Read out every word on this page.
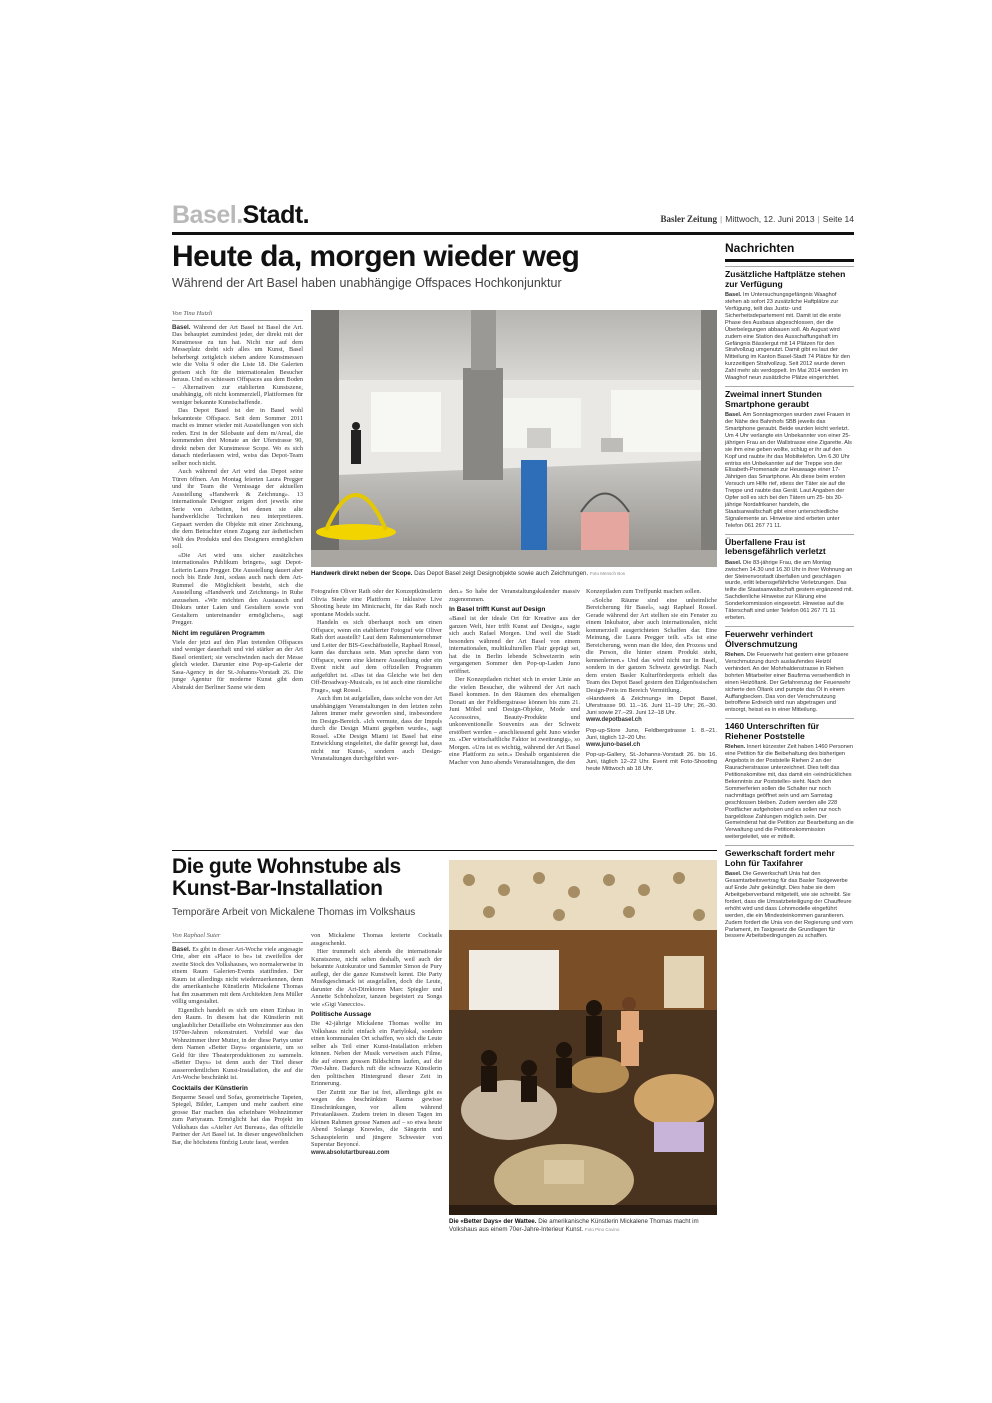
Basel.Stadt.	Basler Zeitung | Mittwoch, 12. Juni 2013 | Seite 14
Heute da, morgen wieder weg
Während der Art Basel haben unabhängige Offspaces Hochkonjunktur
Von Tina Hutzli

Basel. Während der Art Basel ist Basel die Art. Das behauptet zumindest jeder, der direkt mit der Kunstmesse zu tun hat. Nicht nur auf dem Messeplatz dreht sich alles um Kunst, Basel beherbergt zeitgleich sieben andere Kunstmessen wie die Volta 9 oder die Liste 18. Die Galerien greisen sich für die internationalen Besucher heraus. Und es schiessen Offspaces aus dem Boden – Alternativen zur etablierten Kunstszene, unabhängig, oft nicht kommerziell, Plattformen für weniger bekannte Kunstschaffende.

Das Depot Basel ist der in Basel wohl bekannteste Offspace. Seit dem Sommer 2011 macht es immer wieder mit Ausstellungen von sich reden. Erst in der Silobaute auf dem m/Areal, die kommenden drei Monate an der Uferstrasse 90, direkt neben der Kunstmesse Scope. Wo es sich danach niederlassen wird, weiss das Depot-Team selber noch nicht.

Auch während der Art wird das Depot seine Türen öffnen. Am Montag feierten Laura Pregger und ihr Team die Vernissage der aktuellen Ausstellung «Handwerk & Zeichnung». 13 internationale Designer zeigen dort jeweils eine Serie von Arbeiten, bei denen sie alte handwerkliche Techniken neu interpretieren. Gepaart werden die Objekte mit einer Zeichnung, die dem Betrachter einen Zugang zur ästhetischen Welt des Produkts und des Designers ermöglichen soll.

«Die Art wird uns sicher zusätzliches internationales Publikum bringen», sagt Depot-Leiterin Laura Pregger. Die Ausstellung dauert aber noch bis Ende Juni, sodass auch nach dem Art-Rummel die Möglichkeit besteht, sich die Ausstellung «Handwerk und Zeichnung» in Ruhe anzusehen. «Wir möchten den Austausch und Diskurs unter Laien und Gestaltern sowie von Gestaltern untereinander ermöglichen», sagt Pregger.

Nicht im regulären Programm

Viele der jetzt auf den Plan tretenden Offspaces sind weniger dauerhaft und viel stärker an der Art Basel orientiert; sie verschwinden nach der Messe gleich wieder. Darunter eine Pop-up-Galerie der Sasa-Agency in der St.-Johanns-Vorstadt 26. Die junge Agentur für moderne Kunst gibt dem Abstrakt der Berliner Szene wie dem

Handwerk direkt neben der Scope. Das Depot Basel zeigt Designobjekte sowie auch Zeichnungen. Foto Mensch Bos

Fotografen Oliver Rath oder der Konzeptkünstlerin Olivia Steele eine Plattform – inklusive Live Shooting heute im Minicnacht, für das Rath noch spontane Models sucht.

Handeln es sich überhaupt noch um einen Offspace, wenn ein etablierter Fotograf wie Oliver Rath dort ausstellt? Laut dem Rahmenunternehmer und Leiter der BIS-Geschäftsstelle, Raphael Rossel, kann das durchaus sein. Man spreche dann von Offspace, wenn eine kleinere Ausstellung oder ein Event nicht auf dem offiziellen Programm aufgeführt ist. «Das ist das Gleiche wie bei den Off-Broadway-Musicals, es ist auch eine räumliche Frage», sagt Rossel.

Auch ihm ist aufgefallen, dass solche von der Art unabhängigen Veranstaltungen in den letzten zehn Jahren immer mehr geworden sind, insbesondere im Design-Bereich. «Ich vermute, dass der Impuls durch die Design Miami gegeben wurde», sagt Rossel. «Die Design Miami ist Basel hat eine Entwicklung eingeleitet, die dafür gesorgt hat, dass nicht nur Kunst-, sondern auch Design-Veranstaltungen durchgeführt wer-

den.» So habe der Veranstaltungskalender massiv zugenommen.

In Basel trifft Kunst auf Design

«Basel ist der ideale Ort für Kreative aus der ganzen Welt, hier trifft Kunst auf Design», sagte sich auch Rafael Morgen. Und weil die Stadt besonders während der Art Basel von einem internationalen, multikulturellen Flair geprägt sei, hat die in Berlin lebende Schweizerin sein vergangenen Sommer den Pop-up-Laden Juno eröffnet.

Der Konzeptladen richtet sich in erster Linie an die vielen Besucher, die während der Art nach Basel kommen. In den Räumen des ehemaligen Donati an der Feldbergstrasse können bis zum 21. Juni Möbel und Design-Objekte, Mode und Accessoires, Beauty-Produkte und unkonventionelle Souvenirs aus der Schweiz erstöbert werden – anschliessend geht Juno wieder zu. «Der wirtschaftliche Faktor ist zweitrangig», so Morgen. «Uns ist es wichtig, während der Art Basel eine Plattform zu sein.» Deshalb organisieren die Macher von Juno abends Veranstaltungen, die den

Konzeptladen zum Treffpunkt machen sollen.

«Solche Räume sind eine unheimliche Bereicherung für Basel», sagt Raphael Rossel. Gerade während der Art stellten sie ein Fenster zu einem Inkubator, aber auch internationalen, nicht kommerziell ausgerichteten Schaffen dar. Eine Meinung, die Laura Pregger teilt. «Es ist eine Bereicherung, wenn man die Idee, den Prozess und die Person, die hinter einem Produkt steht, kennenlernen.» Und das wird nicht nur in Basel, sondern in der ganzen Schweiz gewürdigt. Nach dem ersten Basler Kulturförderpreis erhielt das Team des Depot Basel gestern den Eidgenössischen Design-Preis im Bereich Vermittlung.

«Handwerk & Zeichnung» im Depot Basel, Uferstrasse 90. 11.–16. Juni 11–19 Uhr; 26.–30. Juni sowie 27.–29. Juni 12–18 Uhr.

www.depotbasel.ch

Pop-up-Store Juno, Feldbergstrasse 1. 8.–21. Juni, täglich 12–20 Uhr.

www.juno-basel.ch

Pop-up-Gallery, St.-Johanns-Vorstadt 26. bis 16. Juni, täglich 12–22 Uhr. Event mit Foto-Shooting heute Mittwoch ab 18 Uhr.

Die gute Wohnstube als Kunst-Bar-Installation
Temporäre Arbeit von Mickalene Thomas im Volkshaus
Von Raphael Suter

Basel. Es gibt in dieser Art-Woche viele angesagte Orte, aber ein «Place to be» ist zweifellos der zweite Stock des Volkshauses, wo normalerweise in einem Raum Galerien-Events stattfinden. Der Raum ist allerdings nicht wiederzuerkennen, denn die amerikanische Künstlerin Mickalene Thomas hat ihn zusammen mit dem Architekten Jens Müller völlig umgestaltet.

Eigentlich handelt es sich um einen Einbau in den Raum. In diesem hat die Künstlerin mit unglaublicher Detailliebe ein Wohnzimmer aus den 1970er-Jahren rekonstruiert. Vorbild war das Wohnzimmer ihrer Mutter, in der diese Partys unter dem Namen «Better Days» organisierte, um so Geld für ihre Theaterproduktionen zu sammeln. «Better Days» ist denn auch der Titel dieser ausserordentlichen Kunst-Installation, die auf die Art-Woche beschränkt ist.

Cocktails der Künstlerin

Bequeme Sessel und Sofas, geometrische Tapeten, Spiegel, Bilder, Lampen und mehr zaubert eine grosse Bar machen das scheinbare Wohnzimmer zum Partyraum. Ermöglicht hat das Projekt im Volkshaus das «Atelier Art Bureau», das offizielle Partner der Art Basel ist. In dieser ungewöhnlichen Bar, die höchstens fünfzig Leute fasst, werden

von Mickalene Thomas kreierte Cocktails ausgeschenkt.

Hier trummelt sich abends die internationale Kunstszene, nicht selten deshalb, weil auch der bekannte Autokurator und Sammler Simon de Pury auflegt, der die ganze Kunstwelt kennt. Die Party Musikgeschmack ist ausgefallen, doch die Leute, darunter die Art-Direktoren Marc Spiegler und Annette Schönholzer, tanzen begeistert zu Songs wie «Gigi Vaneccio».

Politische Aussage

Die 42-jährige Mickalene Thomas wollte im Volkshaus nicht einfach ein Partylokal, sondern einen kommunalen Ort schaffen, wo sich die Leute selber als Teil einer Kunst-Installation erleben können. Neben der Musik verweisen auch Filme, die auf einem grossen Bildschirm laufen, auf die 70er-Jahre. Dadurch ruft die schwarze Künstlerin den politischen Hintergrund dieser Zeit in Erinnerung.

Der Zutritt zur Bar ist frei, allerdings gibt es wegen des beschränkten Raums gewisse Einschränkungen, vor allem während Privatanlässen. Zudem treten in diesen Tagen im kleinen Rahmen grosse Namen auf – so etwa heute Abend Solange Knowles, die Sängerin und Schauspielerin und jüngere Schwester von Superstar Beyoncé.

www.absolutartbureau.com

Die «Better Days» der Wattee. Die amerikanische Künstlerin Mickalene Thomas macht im Volkshaus aus einem 70er-Jahre-Interieur Kunst. Foto Pino Covino
Nachrichten
Zusätzliche Haftplätze stehen zur Verfügung

Basel. Im Untersuchungsgefängnis Waaghof stehen ab sofort 23 zusätzliche Haftplätze zur Verfügung, teilt das Justiz- und Sicherheitsdepartement mit. Damit ist die erste Phase des Ausbaus abgeschlossen, der die Überbelegungen abbauen soll. Ab August wird zudem eine Station des Ausschaffungshaft im Gefängnis Bässlergut mit 14 Plätzen für den Strafvollzug umgenutzt. Damit gibt es laut der Mitteilung im Kanton Basel-Stadt 74 Plätze für den kurzzeitigen Strafvollzug. Seit 2012 wurde deren Zahl mehr als verdoppelt. Im Mai 2014 werden im Waaghof neun zusätzliche Plätze eingerichtet.

Zweimal innert Stunden Smartphone geraubt

Basel. Am Sonntagmorgen wurden zwei Frauen in der Nähe des Bahnhofs SBB jeweils das Smartphone geraubt. Beide wurden leicht verletzt. Um 4 Uhr verlangte ein Unbekannter von einer 25-jährigen Frau an der Wallstrasse eine Zigarette. Als sie ihm eine geben wollte, schlug er ihr auf den Kopf und raubte ihr das Mobiltelefon. Um 6.30 Uhr entriss ein Unbekannter auf der Treppe von der Elisabeth-Promenade zur Heuwaage einer 17-Jährigen das Smartphone. Als diese beim ersten Versuch um Hilfe rief, stiess der Täter sie auf die Treppe und raubte das Gerät. Laut Angaben der Opfer soll es sich bei den Tätern um 25- bis 30-jährige Nordafrikaner handeln, die Staatsanwaltschaft gibt einer unterschiedliche Signalemente an. Hinweise sind erbeten unter Telefon 061 267 71 11.

Überfallene Frau ist lebensgefährlich verletzt

Basel. Die 83-jährige Frau, die am Montag zwischen 14.30 und 16.30 Uhr in ihrer Wohnung an der Steinenvorstadt überfallen und geschlagen wurde, erlitt lebensgefährliche Verletzungen. Das teilte die Staatsanwaltschaft gestern ergänzend mit. Sachdienliche Hinweise zur Klärung eine Sonderkommission eingesetzt. Hinweise auf die Täterschaft sind unter Telefon 061 267 71 11 erbeten.

Feuerwehr verhindert Ölverschmutzung

Riehen. Die Feuerwehr hat gestern eine grössere Verschmutzung durch auslaufendes Heizöl verhindert. An der Mohrhaldenstrasse in Riehen bohrten Mitarbeiter einer Baufirma versehentlich in einen Heizöltank. Der Gefahrenzug der Feuerwehr sicherte den Öltank und pumpte das Öl in einem Auffangbecken. Das von der Verschmutzung betroffene Erdreich wird nun abgetragen und entsorgt, heisst es in einer Mitteilung.

1460 Unterschriften für Riehener Poststelle

Riehen. Innert kürzester Zeit haben 1460 Personen eine Petition für die Beibehaltung des bisherigen Angebots in der Poststelle Riehen 2 an der Rauracherstrasse unterzeichnet. Dies teilt das Petitionskomitee mit, das damit ein «eindrückliches Bekenntnis zur Poststelle» sieht. Nach den Sommerferien sollen die Schalter nur noch nachmittags geöffnet sein und am Samstag geschlossen bleiben. Zudem werden alle 228 Postfächer aufgehoben und es sollen nur noch bargeldlose Zahlungen möglich sein. Der Gemeinderat hat die Petition zur Bearbeitung an die Verwaltung und die Petitionskommission weitergeleitet, wie er mitteilt.

Gewerkschaft fordert mehr Lohn für Taxifahrer

Basel. Die Gewerkschaft Unia hat den Gesamtarbeitsvertrag für das Basler Taxigewerbe auf Ende Jahr gekündigt. Dies habe sie dem Arbeitgeberverband mitgeteilt, wie sie schreibt. Sie fordert, dass die Umsatzbeteiligung der Chauffeure erhöht wird und dass Lohnmodelle eingeführt werden, die ein Mindesteinkommen garantieren. Zudem fordert die Unia von der Regierung und vom Parlament, im Taxigesetz die Grundlagen für bessere Arbeitsbedingungen zu schaffen.
